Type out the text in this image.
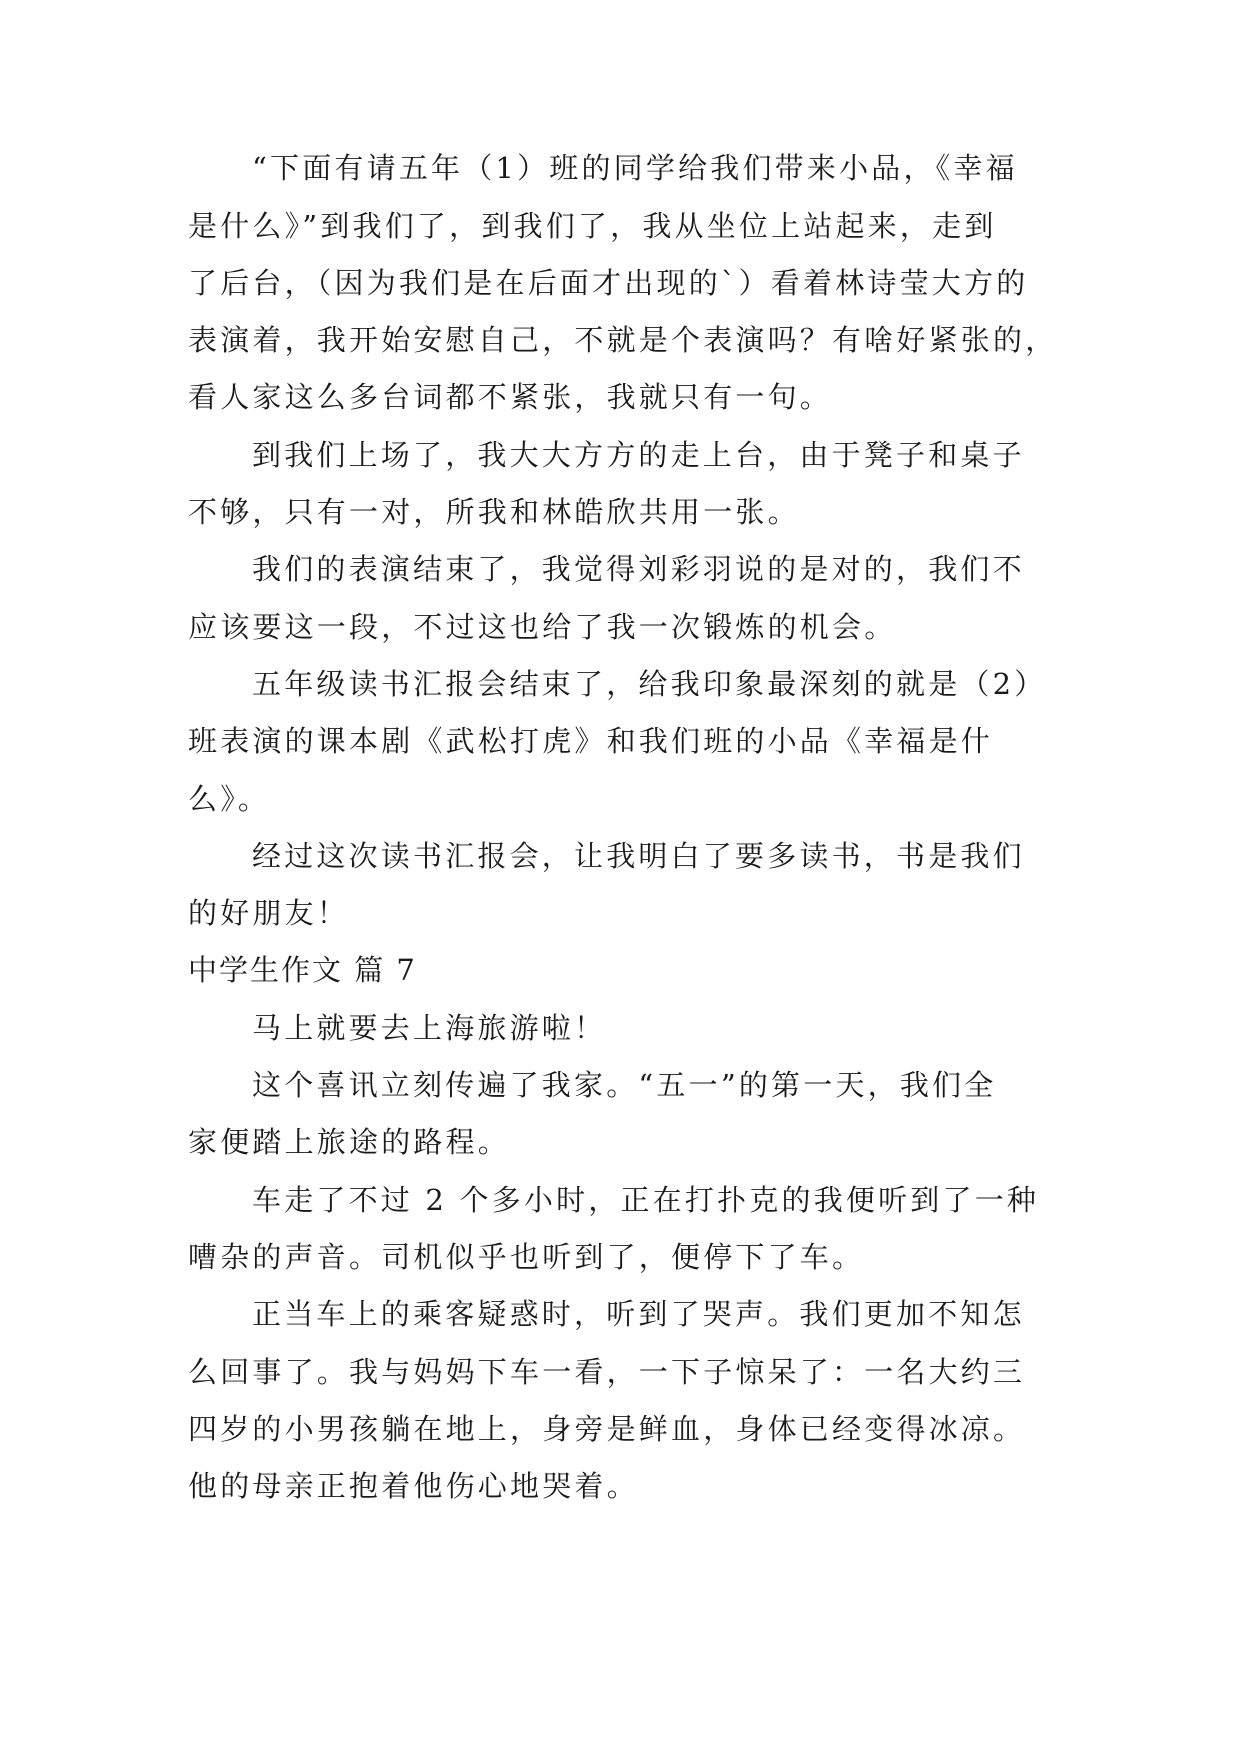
“下面有请五年（1）班的同学给我们带来小品，《幸福
是什么》”到我们了，到我们了，我从坐位上站起来，走到
了后台，（因为我们是在后面才出现的`）看着林诗莹大方的
表演着，我开始安慰自己，不就是个表演吗？有啥好紧张的，
看人家这么多台词都不紧张，我就只有一句。
到我们上场了，我大大方方的走上台，由于凳子和桌子
不够，只有一对，所我和林皓欣共用一张。
我们的表演结束了，我觉得刘彩羽说的是对的，我们不
应该要这一段，不过这也给了我一次锻炼的机会。
五年级读书汇报会结束了，给我印象最深刻的就是（2）
班表演的课本剧《武松打虎》和我们班的小品《幸福是什
么》。
经过这次读书汇报会，让我明白了要多读书，书是我们
的好朋友！
中学生作文 篇 7
马上就要去上海旅游啦！
这个喜讯立刻传遍了我家。“五一”的第一天，我们全
家便踏上旅途的路程。
车走了不过 2 个多小时，正在打扑克的我便听到了一种
嘈杂的声音。司机似乎也听到了，便停下了车。
正当车上的乘客疑惑时，听到了哭声。我们更加不知怎
么回事了。我与妈妈下车一看，一下子惊呆了：一名大约三
四岁的小男孩躺在地上，身旁是鲜血，身体已经变得冰凉。
他的母亲正抱着他伤心地哭着。
